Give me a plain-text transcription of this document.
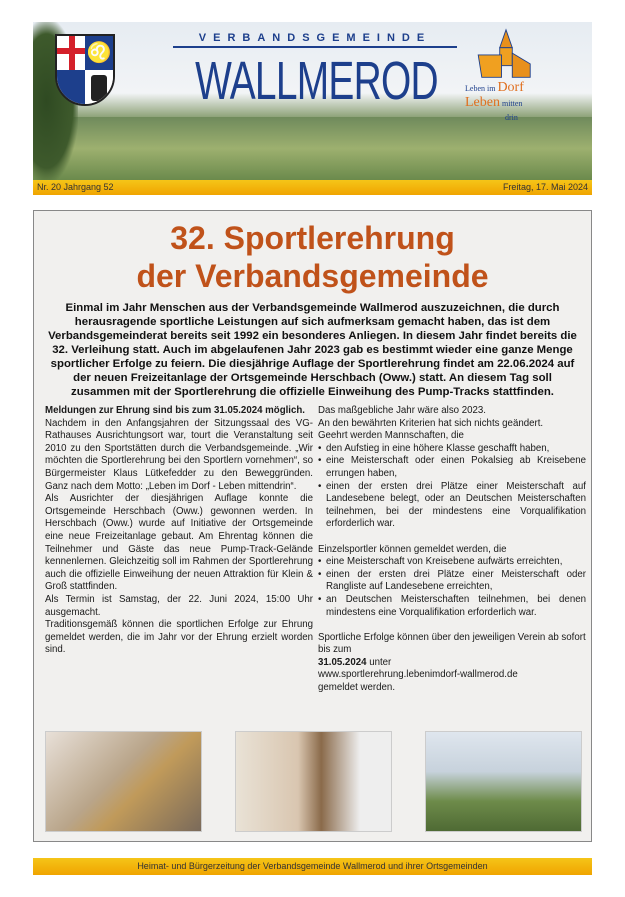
♌
VERBANDSGEMEINDE
WALLMEROD	Leben im Dorf
Leben mitten
drin
Nr. 20 Jahrgang 52	Freitag, 17. Mai 2024
32. Sportlerehrung
der Verbandsgemeinde
Einmal im Jahr Menschen aus der Verbandsgemeinde Wallmerod auszuzeichnen, die durch herausragende sportliche Leistungen auf sich aufmerksam gemacht haben, das ist dem Verbandsgemeinderat bereits seit 1992 ein besonderes Anliegen. In diesem Jahr findet bereits die 32. Verleihung statt. Auch im abgelaufenen Jahr 2023 gab es bestimmt wieder eine ganze Menge sportlicher Erfolge zu feiern. Die diesjährige Auflage der Sportlerehrung findet am 22.06.2024 auf der neuen Freizeitanlage der Ortsgemeinde Herschbach (Oww.) statt. An diesem Tag soll zusammen mit der Sportlerehrung die offizielle Einweihung des Pump-Tracks stattfinden.

Meldungen zur Ehrung sind bis zum 31.05.2024 möglich.

Nachdem in den Anfangsjahren der Sitzungssaal des VG-Rathauses Ausrichtungsort war, tourt die Veranstaltung seit 2010 zu den Sportstätten durch die Verbandsgemeinde. „Wir möchten die Sportlerehrung bei den Sportlern vornehmen“, so Bürgermeister Klaus Lütkefedder zu den Beweggründen. Ganz nach dem Motto: „Leben im Dorf - Leben mittendrin“.

Als Ausrichter der diesjährigen Auflage konnte die Ortsgemeinde Herschbach (Oww.) gewonnen werden. In Herschbach (Oww.) wurde auf Initiative der Ortsgemeinde eine neue Freizeitanlage gebaut. Am Ehrentag können die Teilnehmer und Gäste das neue Pump-Track-Gelände kennenlernen. Gleichzeitig soll im Rahmen der Sportlerehrung auch die offizielle Einweihung der neuen Attraktion für Klein & Groß stattfinden.

Als Termin ist Samstag, der 22. Juni 2024, 15:00 Uhr ausgemacht.

Traditionsgemäß können die sportlichen Erfolge zur Ehrung gemeldet werden, die im Jahr vor der Ehrung erzielt worden sind.

Das maßgebliche Jahr wäre also 2023.

An den bewährten Kriterien hat sich nichts geändert.

Geehrt werden Mannschaften, die

• den Aufstieg in eine höhere Klasse geschafft haben,
• eine Meisterschaft oder einen Pokalsieg ab Kreisebene errungen haben,
• einen der ersten drei Plätze einer Meisterschaft auf Landesebene belegt, oder an Deutschen Meisterschaften teilnehmen, bei der mindestens eine Vorqualifikation erforderlich war.

Einzelsportler können gemeldet werden, die

• eine Meisterschaft von Kreisebene aufwärts erreichten,
• einen der ersten drei Plätze einer Meisterschaft oder Rangliste auf Landesebene erreichten,
• an Deutschen Meisterschaften teilnehmen, bei denen mindestens eine Vorqualifikation erforderlich war.

Sportliche Erfolge können über den jeweiligen Verein ab sofort bis zum
31.05.2024 unter
www.sportlerehrung.lebenimdorf-wallmerod.de
gemeldet werden.

Heimat- und Bürgerzeitung der Verbandsgemeinde Wallmerod und ihrer Ortsgemeinden
